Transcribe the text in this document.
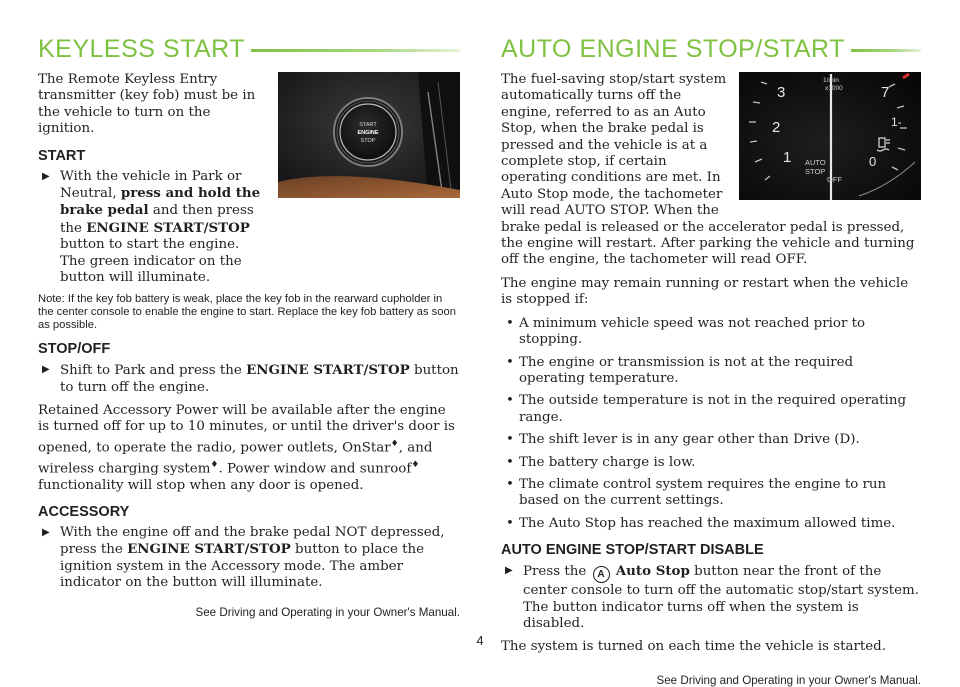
KEYLESS START
START
ENGINE
STOP

The Remote Keyless Entry transmitter (key fob) must be in the vehicle to turn on the ignition.

START
▶ With the vehicle in Park or Neutral, press and hold the brake pedal and then press the ENGINE START/STOP button to start the engine. The green indicator on the button will illuminate.
Note: If the key fob battery is weak, place the key fob in the rearward cupholder in the center console to enable the engine to start. Replace the key fob battery as soon as possible.
STOP/OFF
▶ Shift to Park and press the ENGINE START/STOP button to turn off the engine.

Retained Accessory Power will be available after the engine is turned off for up to 10 minutes, or until the driver's door is opened, to operate the radio, power outlets, OnStar♦, and wireless charging system♦. Power window and sunroof♦ functionality will stop when any door is opened.

ACCESSORY
▶ With the engine off and the brake pedal NOT depressed, press the ENGINE START/STOP button to place the ignition system in the Accessory mode. The amber indicator on the button will illuminate.
See Driving and Operating in your Owner's Manual.
AUTO ENGINE STOP/START
3
2
1
7
1-
0
1/min
x1000
AUTO
STOP
OFF

The fuel-saving stop/start system automatically turns off the engine, referred to as an Auto Stop, when the brake pedal is pressed and the vehicle is at a complete stop, if certain operating conditions are met. In Auto Stop mode, the tachometer will read AUTO STOP. When the brake pedal is released or the accelerator pedal is pressed, the engine will restart. After parking the vehicle and turning off the engine, the tachometer will read OFF.

The engine may remain running or restart when the vehicle is stopped if:

• A minimum vehicle speed was not reached prior to stopping.
• The engine or transmission is not at the required operating temperature.
• The outside temperature is not in the required operating range.
• The shift lever is in any gear other than Drive (D).
• The battery charge is low.
• The climate control system requires the engine to run based on the current settings.
• The Auto Stop has reached the maximum allowed time.
AUTO ENGINE STOP/START DISABLE
▶ Press the A Auto Stop button near the front of the center console to turn off the automatic stop/start system. The button indicator turns off when the system is disabled.

The system is turned on each time the vehicle is started.

See Driving and Operating in your Owner's Manual.
4
